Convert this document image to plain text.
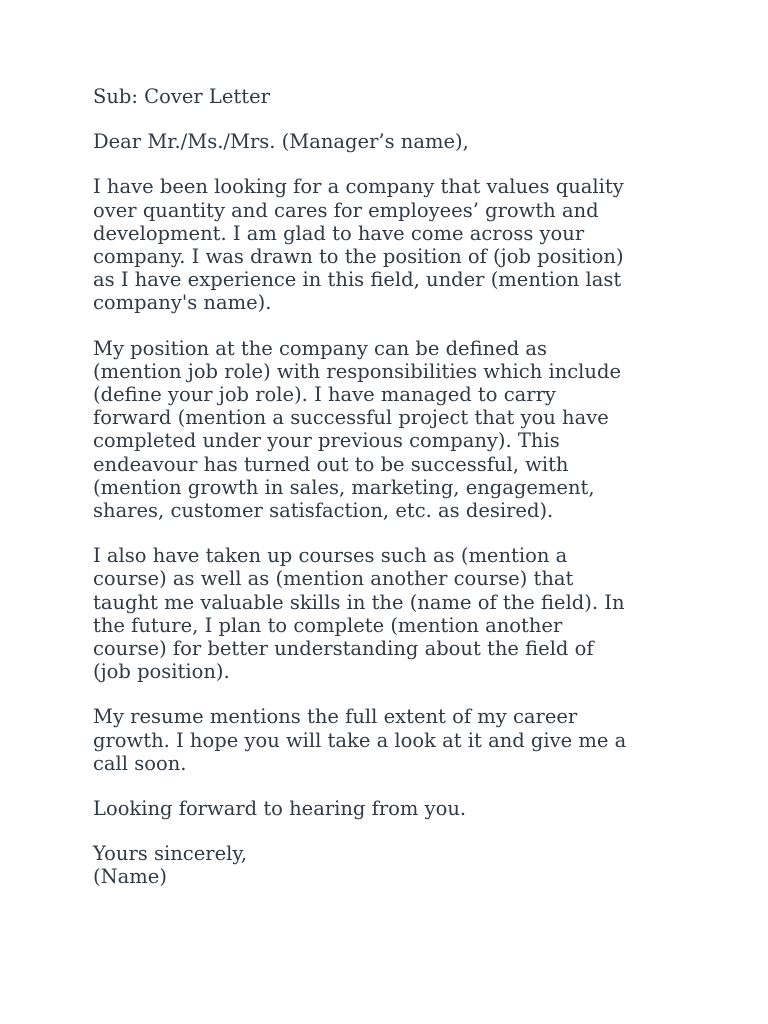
Sub: Cover Letter

Dear Mr./Ms./Mrs. (Manager’s name),

I have been looking for a company that values quality
over quantity and cares for employees’ growth and
development. I am glad to have come across your
company. I was drawn to the position of (job position)
as I have experience in this field, under (mention last
company's name).

My position at the company can be defined as
(mention job role) with responsibilities which include
(define your job role). I have managed to carry
forward (mention a successful project that you have
completed under your previous company). This
endeavour has turned out to be successful, with
(mention growth in sales, marketing, engagement,
shares, customer satisfaction, etc. as desired).

I also have taken up courses such as (mention a
course) as well as (mention another course) that
taught me valuable skills in the (name of the field). In
the future, I plan to complete (mention another
course) for better understanding about the field of
(job position).

My resume mentions the full extent of my career
growth. I hope you will take a look at it and give me a
call soon.

Looking forward to hearing from you.

Yours sincerely,
(Name)
